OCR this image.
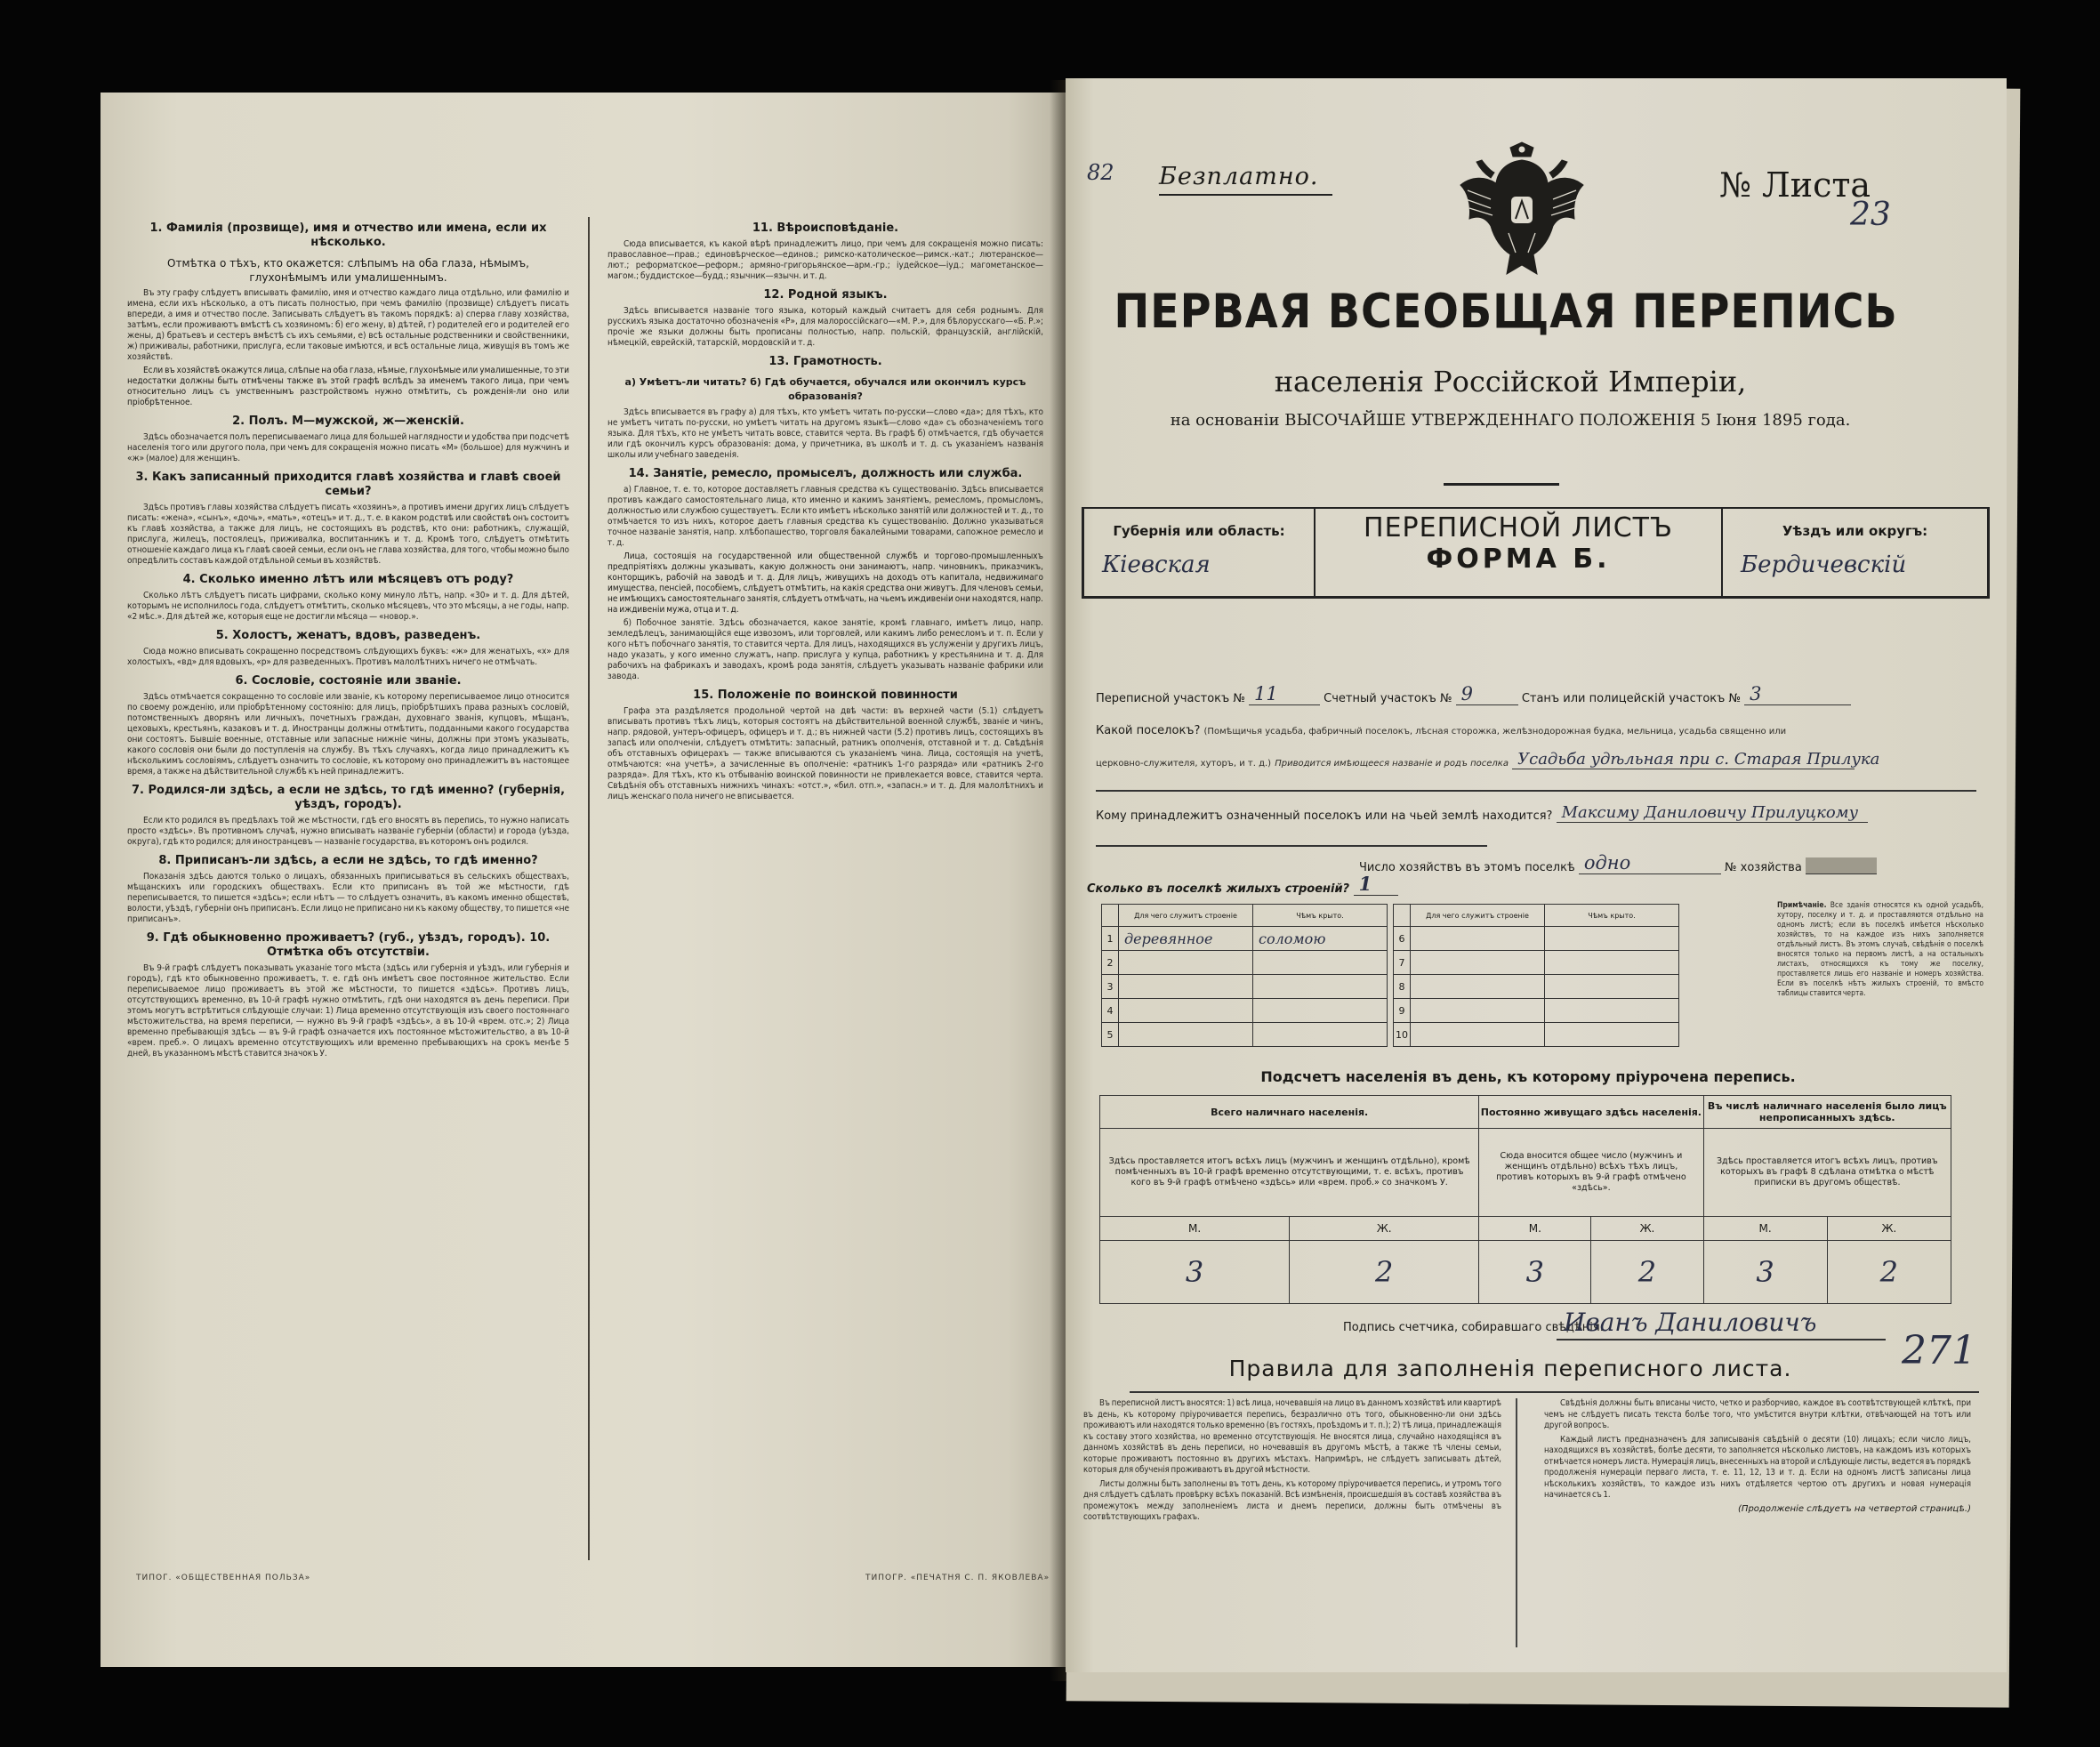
1. Фамилія (прозвище), имя и отчество или имена, если их нѣсколько.
Отмѣтка о тѣхъ, кто окажется: слѣпымъ на оба глаза, нѣмымъ, глухонѣмымъ или умалишеннымъ.

Въ эту графу слѣдуетъ вписывать фамилію, имя и отчество каждаго лица отдѣльно, или фамилію и имена, если ихъ нѣсколько, а отъ писать полностью, при чемъ фамилію (прозвище) слѣдуетъ писать впереди, а имя и отчество после. Записывать слѣдуетъ въ такомъ порядкѣ: а) сперва главу хозяйства, затѣмъ, если проживаютъ вмѣстѣ съ хозяиномъ: б) его жену, в) дѣтей, г) родителей его и родителей его жены, д) братьевъ и сестеръ вмѣстѣ съ ихъ семьями, е) всѣ остальные родственники и свойственники, ж) приживалы, работники, прислуга, если таковые имѣются, и всѣ остальные лица, живущія въ томъ же хозяйствѣ.

Если въ хозяйствѣ окажутся лица, слѣпые на оба глаза, нѣмые, глухонѣмые или умалишенные, то эти недостатки должны быть отмѣчены также въ этой графѣ вслѣдъ за именемъ такого лица, при чемъ относительно лицъ съ умственнымъ разстройствомъ нужно отмѣтить, съ рожденія-ли оно или пріобрѣтенное.

2. Полъ. М—мужской, ж—женскій.

Здѣсь обозначается полъ переписываемаго лица для большей наглядности и удобства при подсчетѣ населенія того или другого пола, при чемъ для сокращенія можно писать «М» (большое) для мужчинъ и «ж» (малое) для женщинъ.

3. Какъ записанный приходится главѣ хозяйства и главѣ своей семьи?

Здѣсь противъ главы хозяйства слѣдуетъ писать «хозяинъ», а противъ имени других лицъ слѣдуетъ писать: «жена», «сынъ», «дочь», «мать», «отецъ» и т. д., т. е. в каком родствѣ или свойствѣ онъ состоитъ къ главѣ хозяйства, а также для лицъ, не состоящихъ въ родствѣ, кто они: работникъ, служащій, прислуга, жилецъ, постоялецъ, приживалка, воспитанникъ и т. д. Кромѣ того, слѣдуетъ отмѣтить отношеніе каждаго лица къ главѣ своей семьи, если онъ не глава хозяйства, для того, чтобы можно было опредѣлить составъ каждой отдѣльной семьи въ хозяйствѣ.

4. Сколько именно лѣтъ или мѣсяцевъ отъ роду?

Сколько лѣтъ слѣдуетъ писать цифрами, сколько кому минуло лѣтъ, напр. «30» и т. д. Для дѣтей, которымъ не исполнилось года, слѣдуетъ отмѣтить, сколько мѣсяцевъ, что это мѣсяцы, а не годы, напр. «2 мѣс.». Для дѣтей же, которыя еще не достигли мѣсяца — «новор.».

5. Холостъ, женатъ, вдовъ, разведенъ.

Сюда можно вписывать сокращенно посредствомъ слѣдующихъ буквъ: «ж» для женатыхъ, «х» для холостыхъ, «вд» для вдовыхъ, «р» для разведенныхъ. Противъ малолѣтнихъ ничего не отмѣчать.

6. Сословіе, состояніе или званіе.

Здѣсь отмѣчается сокращенно то сословіе или званіе, къ которому переписываемое лицо относится по своему рожденію, или пріобрѣтенному состоянію: для лицъ, пріобрѣтшихъ права разныхъ сословій, потомственныхъ дворянъ или личныхъ, почетныхъ граждан, духовнаго званія, купцовъ, мѣщанъ, цеховыхъ, крестьянъ, казаковъ и т. д. Иностранцы должны отмѣтить, подданными какого государства они состоятъ. Бывшіе военные, отставные или запасные нижніе чины, должны при этомъ указывать, какого сословія они были до поступленія на службу. Въ тѣхъ случаяхъ, когда лицо принадлежитъ къ нѣсколькимъ сословіямъ, слѣдуетъ означить то сословіе, къ которому оно принадлежитъ въ настоящее время, а также на дѣйствительной службѣ къ ней принадлежитъ.

7. Родился-ли здѣсь, а если не здѣсь, то гдѣ именно? (губернія, уѣздъ, городъ).

Если кто родился въ предѣлахъ той же мѣстности, гдѣ его вносятъ въ перепись, то нужно написать просто «здѣсь». Въ противномъ случаѣ, нужно вписывать названіе губерніи (области) и города (уѣзда, округа), гдѣ кто родился; для иностранцевъ — названіе государства, въ которомъ онъ родился.

8. Приписанъ-ли здѣсь, а если не здѣсь, то гдѣ именно?

Показанія здѣсь даются только о лицахъ, обязанныхъ приписываться въ сельскихъ обществахъ, мѣщанскихъ или городскихъ обществахъ. Если кто приписанъ въ той же мѣстности, гдѣ переписывается, то пишется «здѣсь»; если нѣтъ — то слѣдуетъ означить, въ какомъ именно обществѣ, волости, уѣздѣ, губерніи онъ приписанъ. Если лицо не приписано ни къ какому обществу, то пишется «не приписанъ».

9. Гдѣ обыкновенно проживаетъ? (губ., уѣздъ, городъ). 10. Отмѣтка объ отсутствіи.

Въ 9-й графѣ слѣдуетъ показывать указаніе того мѣста (здѣсь или губернія и уѣздъ, или губернія и городъ), гдѣ кто обыкновенно проживаетъ, т. е. гдѣ онъ имѣетъ свое постоянное жительство. Если переписываемое лицо проживаетъ въ этой же мѣстности, то пишется «здѣсь». Противъ лицъ, отсутствующихъ временно, въ 10-й графѣ нужно отмѣтить, гдѣ они находятся въ день переписи. При этомъ могутъ встрѣтиться слѣдующіе случаи: 1) Лица временно отсутствующія изъ своего постояннаго мѣстожительства, на время переписи, — нужно въ 9-й графѣ «здѣсь», а въ 10-й «врем. отс.»; 2) Лица временно пребывающія здѣсь — въ 9-й графѣ означается ихъ постоянное мѣстожительство, а въ 10-й «врем. преб.». О лицахъ временно отсутствующихъ или временно пребывающихъ на срокъ менѣе 5 дней, въ указанномъ мѣстѣ ставится значокъ У.

11. Вѣроисповѣданіе.

Сюда вписывается, къ какой вѣрѣ принадлежитъ лицо, при чемъ для сокращенія можно писать: православное—прав.; единовѣрческое—единов.; римско-католическое—римск.-кат.; лютеранское—лют.; реформатское—реформ.; армяно-григорьянское—арм.-гр.; іудейское—іуд.; магометанское—магом.; буддистское—будд.; язычник—язычн. и т. д.

12. Родной языкъ.

Здѣсь вписывается названіе того языка, который каждый считаетъ для себя роднымъ. Для русскихъ языка достаточно обозначенія «Р», для малороссійскаго—«М. Р.», для бѣлорусскаго—«Б. Р.»; прочіе же языки должны быть прописаны полностью, напр. польскій, французскій, англійскій, нѣмецкій, еврейскій, татарскій, мордовскій и т. д.

13. Грамотность.
а) Умѣетъ-ли читать? б) Гдѣ обучается, обучался или окончилъ курсъ образованія?

Здѣсь вписывается въ графу а) для тѣхъ, кто умѣетъ читать по-русски—слово «да»; для тѣхъ, кто не умѣетъ читать по-русски, но умѣетъ читать на другомъ языкѣ—слово «да» съ обозначеніемъ того языка. Для тѣхъ, кто не умѣетъ читать вовсе, ставится черта. Въ графѣ б) отмѣчается, гдѣ обучается или гдѣ окончилъ курсъ образованія: дома, у причетника, въ школѣ и т. д. съ указаніемъ названія школы или учебнаго заведенія.

14. Занятіе, ремесло, промыселъ, должность или служба.

а) Главное, т. е. то, которое доставляетъ главныя средства къ существованію. Здѣсь вписывается противъ каждаго самостоятельнаго лица, кто именно и какимъ занятіемъ, ремесломъ, промысломъ, должностью или службою существуетъ. Если кто имѣетъ нѣсколько занятій или должностей и т. д., то отмѣчается то изъ нихъ, которое даетъ главныя средства къ существованію. Должно указываться точное названіе занятія, напр. хлѣбопашество, торговля бакалейными товарами, сапожное ремесло и т. д.

Лица, состоящія на государственной или общественной службѣ и торгово-промышленныхъ предпріятіяхъ должны указывать, какую должность они занимаютъ, напр. чиновникъ, приказчикъ, конторщикъ, рабочій на заводѣ и т. д. Для лицъ, живущихъ на доходъ отъ капитала, недвижимаго имущества, пенсіей, пособіемъ, слѣдуетъ отмѣтить, на какія средства они живутъ. Для членовъ семьи, не имѣющихъ самостоятельнаго занятія, слѣдуетъ отмѣчать, на чьемъ иждивеніи они находятся, напр. на иждивеніи мужа, отца и т. д.

б) Побочное занятіе. Здѣсь обозначается, какое занятіе, кромѣ главнаго, имѣетъ лицо, напр. земледѣлецъ, занимающійся еще извозомъ, или торговлей, или какимъ либо ремесломъ и т. п. Если у кого нѣтъ побочнаго занятія, то ставится черта. Для лицъ, находящихся въ услуженіи у другихъ лицъ, надо указать, у кого именно служатъ, напр. прислуга у купца, работникъ у крестьянина и т. д. Для рабочихъ на фабрикахъ и заводахъ, кромѣ рода занятія, слѣдуетъ указывать названіе фабрики или завода.

15. Положеніе по воинской повинности

Графа эта раздѣляется продольной чертой на двѣ части: въ верхней части (5.1) слѣдуетъ вписывать противъ тѣхъ лицъ, которыя состоятъ на дѣйствительной военной службѣ, званіе и чинъ, напр. рядовой, унтеръ-офицеръ, офицеръ и т. д.; въ нижней части (5.2) противъ лицъ, состоящихъ въ запасѣ или ополченіи, слѣдуетъ отмѣтить: запасный, ратникъ ополченія, отставной и т. д. Свѣдѣнія объ отставныхъ офицерахъ — также вписываются съ указаніемъ чина. Лица, состоящія на учетѣ, отмѣчаются: «на учетѣ», а зачисленные въ ополченіе: «ратникъ 1-го разряда» или «ратникъ 2-го разряда». Для тѣхъ, кто къ отбыванію воинской повинности не привлекается вовсе, ставится черта. Свѣдѣнія объ отставныхъ нижнихъ чинахъ: «отст.», «бил. отп.», «запасн.» и т. д. Для малолѣтнихъ и лицъ женскаго пола ничего не вписывается.

ТИПОГ. «ОБЩЕСТВЕННАЯ ПОЛЬЗА»	ТИПОГР. «ПЕЧАТНЯ С. П. ЯКОВЛЕВА»
82 Безплатно.	№ Листа
23
ПЕРВАЯ ВСЕОБЩАЯ ПЕРЕПИСЬ
населенія Россійской Имперіи,
на основаніи ВЫСОЧАЙШЕ УТВЕРЖДЕННАГО ПОЛОЖЕНІЯ 5 Іюня 1895 года.
Губернія или область:
Кіевская
ПЕРЕПИСНОЙ ЛИСТЪ
ФОРМА Б.
Уѣздъ или округъ:
Бердичевскій
Переписной участокъ № 11	Счетный участокъ № 9	Станъ или полицейскій участокъ № 3
Какой поселокъ? (Помѣщичья усадьба, фабричный поселокъ, лѣсная сторожка, желѣзнодорожная будка, мельница, усадьба священно или
церковно-служителя, хуторъ, и т. д.) Приводится имѣющееся названіе и родъ поселка Усадьба удѣльная при с. Старая Прилука
Кому принадлежитъ означенный поселокъ или на чьей землѣ находится? Максиму Даниловичу Прилуцкому
Число хозяйствъ въ этомъ поселкѣ одно	№ хозяйства
Сколько въ поселкѣ жилыхъ строеній? 1
	Для чего служитъ строеніе	Чѣмъ крыто.			Для чего служитъ строеніе	Чѣмъ крыто.
1	деревянное	соломою		6		
2				7		
3				8		
4				9		
5				10		

Примѣчаніе. Все зданія относятся къ одной усадьбѣ, хутору, поселку и т. д. и проставляются отдѣльно на одномъ листѣ; если въ поселкѣ имѣется нѣсколько хозяйствъ, то на каждое изъ нихъ заполняется отдѣльный листъ. Въ этомъ случаѣ, свѣдѣнія о поселкѣ вносятся только на первомъ листѣ, а на остальныхъ листахъ, относящихся къ тому же поселку, проставляется лишь его названіе и номеръ хозяйства. Если въ поселкѣ нѣтъ жилыхъ строеній, то вмѣсто таблицы ставится черта.

Подсчетъ населенія въ день, къ которому пріурочена перепись.
Всего наличнаго населенія.		Постоянно живущаго здѣсь населенія.		Въ числѣ наличнаго населенія было лицъ непрописанныхъ здѣсь.	
Здѣсь проставляется итогъ всѣхъ лицъ (мужчинъ и женщинъ отдѣльно), кромѣ помѣченныхъ въ 10-й графѣ временно отсутствующими, т. е. всѣхъ, противъ кого въ 9-й графѣ отмѣчено «здѣсь» или «врем. проб.» со значкомъ У.		Сюда вносится общее число (мужчинъ и женщинъ отдѣльно) всѣхъ тѣхъ лицъ, противъ которыхъ въ 9-й графѣ отмѣчено «здѣсь».		Здѣсь проставляется итогъ всѣхъ лицъ, противъ которыхъ въ графѣ 8 сдѣлана отмѣтка о мѣстѣ приписки въ другомъ обществѣ.	
М.	Ж.	М.	Ж.	М.	Ж.
3	2	3	2	3	2
Подпись счетчика, собиравшаго свѣдѣнія:
Иванъ Даниловичъ
271
Правила для заполненія переписного листа.

Въ переписной листъ вносятся: 1) всѣ лица, ночевавшія на лицо въ данномъ хозяйствѣ или квартирѣ въ день, къ которому пріурочивается перепись, безразлично отъ того, обыкновенно-ли они здѣсь проживаютъ или находятся только временно (въ гостяхъ, проѣздомъ и т. п.); 2) тѣ лица, принадлежащія къ составу этого хозяйства, но временно отсутствующія. Не вносятся лица, случайно находящіяся въ данномъ хозяйствѣ въ день переписи, но ночевавшія въ другомъ мѣстѣ, а также тѣ члены семьи, которые проживаютъ постоянно въ другихъ мѣстахъ. Напримѣръ, не слѣдуетъ записывать дѣтей, которыя для обученія проживаютъ въ другой мѣстности.

Листы должны быть заполнены въ тотъ день, къ которому пріурочивается перепись, и утромъ того дня слѣдуетъ сдѣлать провѣрку всѣхъ показаній. Всѣ измѣненія, происшедшія въ составѣ хозяйства въ промежутокъ между заполненіемъ листа и днемъ переписи, должны быть отмѣчены въ соотвѣтствующихъ графахъ.

Свѣдѣнія должны быть вписаны чисто, четко и разборчиво, каждое въ соотвѣтствующей клѣткѣ, при чемъ не слѣдуетъ писать текста болѣе того, что умѣстится внутри клѣтки, отвѣчающей на тотъ или другой вопросъ.

Каждый листъ предназначенъ для записыванія свѣдѣній о десяти (10) лицахъ; если число лицъ, находящихся въ хозяйствѣ, болѣе десяти, то заполняется нѣсколько листовъ, на каждомъ изъ которыхъ отмѣчается номеръ листа. Нумерація лицъ, внесенныхъ на второй и слѣдующіе листы, ведется въ порядкѣ продолженія нумераціи перваго листа, т. е. 11, 12, 13 и т. д. Если на одномъ листѣ записаны лица нѣсколькихъ хозяйствъ, то каждое изъ нихъ отдѣляется чертою отъ другихъ и новая нумерація начинается съ 1.

(Продолженіе слѣдуетъ на четвертой страницѣ.)
